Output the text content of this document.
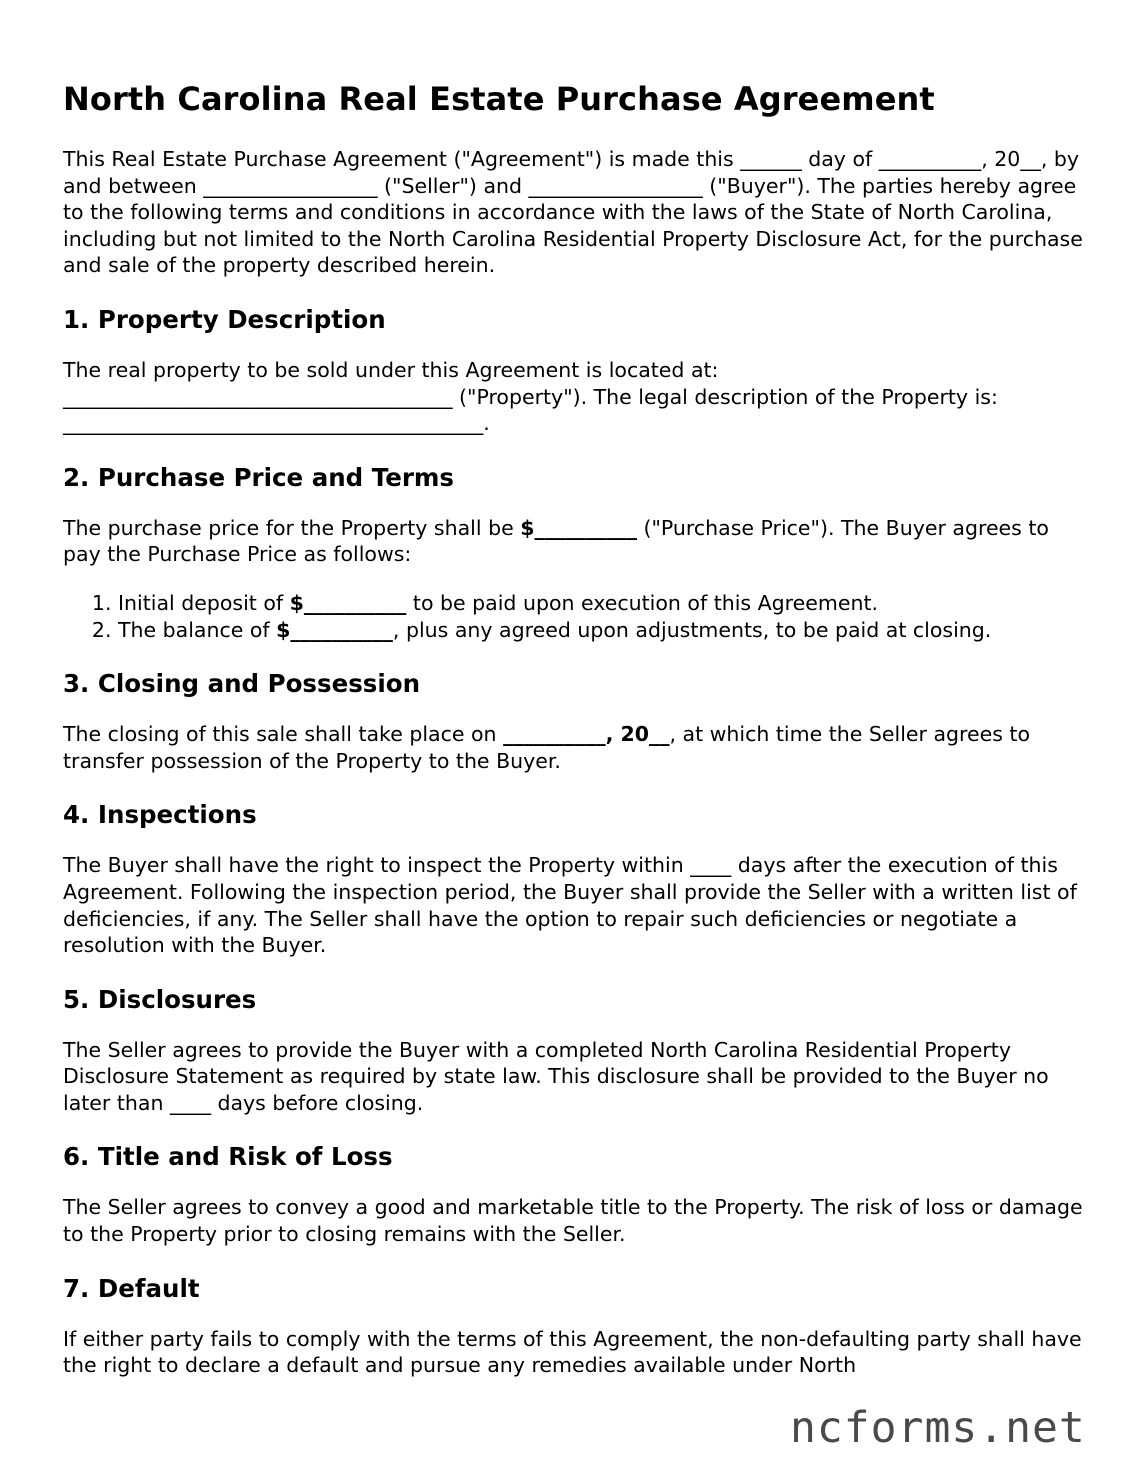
North Carolina Real Estate Purchase Agreement

This Real Estate Purchase Agreement ("Agreement") is made this ______ day of __________, 20__, by and between _________________ ("Seller") and _________________ ("Buyer"). The parties hereby agree to the following terms and conditions in accordance with the laws of the State of North Carolina, including but not limited to the North Carolina Residential Property Disclosure Act, for the purchase and sale of the property described herein.

1. Property Description

The real property to be sold under this Agreement is located at: ______________________________________ ("Property"). The legal description of the Property is: _________________________________________.

2. Purchase Price and Terms

The purchase price for the Property shall be $__________ ("Purchase Price"). The Buyer agrees to pay the Purchase Price as follows:

1. Initial deposit of $__________ to be paid upon execution of this Agreement.
2. The balance of $__________, plus any agreed upon adjustments, to be paid at closing.
3. Closing and Possession

The closing of this sale shall take place on __________, 20__, at which time the Seller agrees to transfer possession of the Property to the Buyer.

4. Inspections

The Buyer shall have the right to inspect the Property within ____ days after the execution of this Agreement. Following the inspection period, the Buyer shall provide the Seller with a written list of deficiencies, if any. The Seller shall have the option to repair such deficiencies or negotiate a resolution with the Buyer.

5. Disclosures

The Seller agrees to provide the Buyer with a completed North Carolina Residential Property Disclosure Statement as required by state law. This disclosure shall be provided to the Buyer no later than ____ days before closing.

6. Title and Risk of Loss

The Seller agrees to convey a good and marketable title to the Property. The risk of loss or damage to the Property prior to closing remains with the Seller.

7. Default

If either party fails to comply with the terms of this Agreement, the non-defaulting party shall have the right to declare a default and pursue any remedies available under North

ncforms.net
